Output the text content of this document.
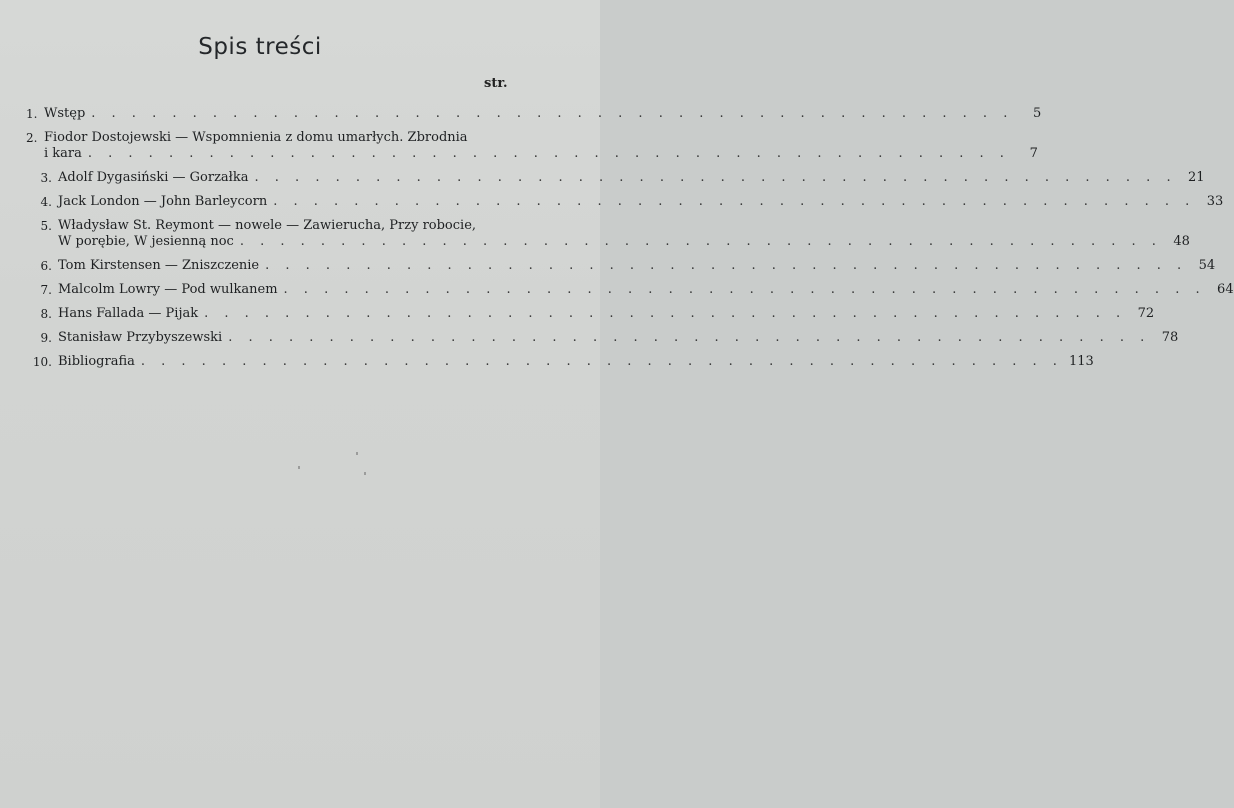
Spis treści
str.
1. Wstęp . . .	5
2. Fiodor Dostojewski — Wspomnienia z domu umarłych. Zbrodnia
i kara . . .	7
3. Adolf Dygasiński — Gorzałka . . .	21
4. Jack London — John Barleycorn . . .	33
5. Władysław St. Reymont — nowele — Zawierucha, Przy robocie,
W porębie, W jesienną noc . . .	48
6. Tom Kirstensen — Zniszczenie . . .	54
7. Malcolm Lowry — Pod wulkanem . . .	64
8. Hans Fallada — Pijak . . .	72
9. Stanisław Przybyszewski . . .	78
10. Bibliografia . . .	113
